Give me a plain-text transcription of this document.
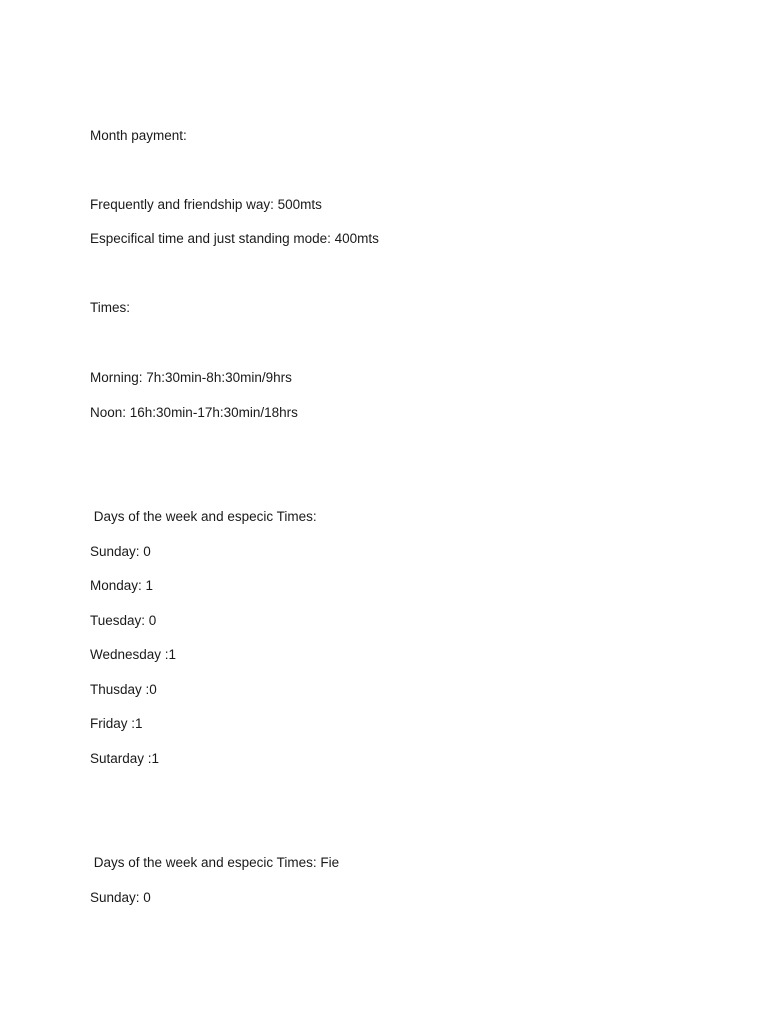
Month payment:
Frequently and friendship way: 500mts
Especifical time and just standing mode: 400mts
Times:
Morning: 7h:30min-8h:30min/9hrs
Noon: 16h:30min-17h:30min/18hrs
Days of the week and especic Times:
Sunday: 0
Monday: 1
Tuesday: 0
Wednesday :1
Thusday :0
Friday :1
Sutarday :1
Days of the week and especic Times: Fie
Sunday: 0
